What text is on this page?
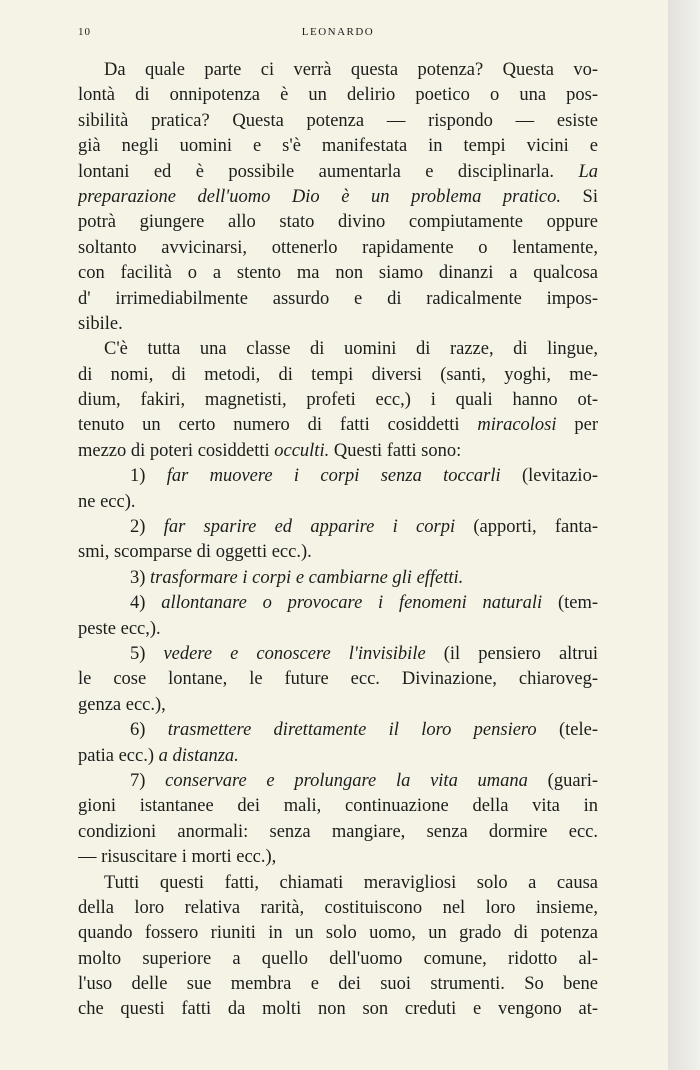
10	LEONARDO
Da quale parte ci verrà questa potenza? Questa vo-
lontà di onnipotenza è un delirio poetico o una pos-
sibilità pratica? Questa potenza — rispondo — esiste
già negli uomini e s'è manifestata in tempi vicini e
lontani ed è possibile aumentarla e disciplinarla. La
preparazione dell'uomo Dio è un problema pratico. Si
potrà giungere allo stato divino compiutamente oppure
soltanto avvicinarsi, ottenerlo rapidamente o lentamente,
con facilità o a stento ma non siamo dinanzi a qualcosa
d' irrimediabilmente assurdo e di radicalmente impos-
sibile.
C'è tutta una classe di uomini di razze, di lingue,
di nomi, di metodi, di tempi diversi (santi, yoghi, me-
dium, fakiri, magnetisti, profeti ecc,) i quali hanno ot-
tenuto un certo numero di fatti cosiddetti miracolosi per
mezzo di poteri cosiddetti occulti. Questi fatti sono:
1) far muovere i corpi senza toccarli (levitazio-
ne ecc).
2) far sparire ed apparire i corpi (apporti, fanta-
smi, scomparse di oggetti ecc.).
3) trasformare i corpi e cambiarne gli effetti.
4) allontanare o provocare i fenomeni naturali (tem-
peste ecc,).
5) vedere e conoscere l'invisibile (il pensiero altrui
le cose lontane, le future ecc. Divinazione, chiaroveg-
genza ecc.),
6) trasmettere direttamente il loro pensiero (tele-
patia ecc.) a distanza.
7) conservare e prolungare la vita umana (guari-
gioni istantanee dei mali, continuazione della vita in
condizioni anormali: senza mangiare, senza dormire ecc.
— risuscitare i morti ecc.),
Tutti questi fatti, chiamati meravigliosi solo a causa
della loro relativa rarità, costituiscono nel loro insieme,
quando fossero riuniti in un solo uomo, un grado di potenza
molto superiore a quello dell'uomo comune, ridotto al-
l'uso delle sue membra e dei suoi strumenti. So bene
che questi fatti da molti non son creduti e vengono at-
